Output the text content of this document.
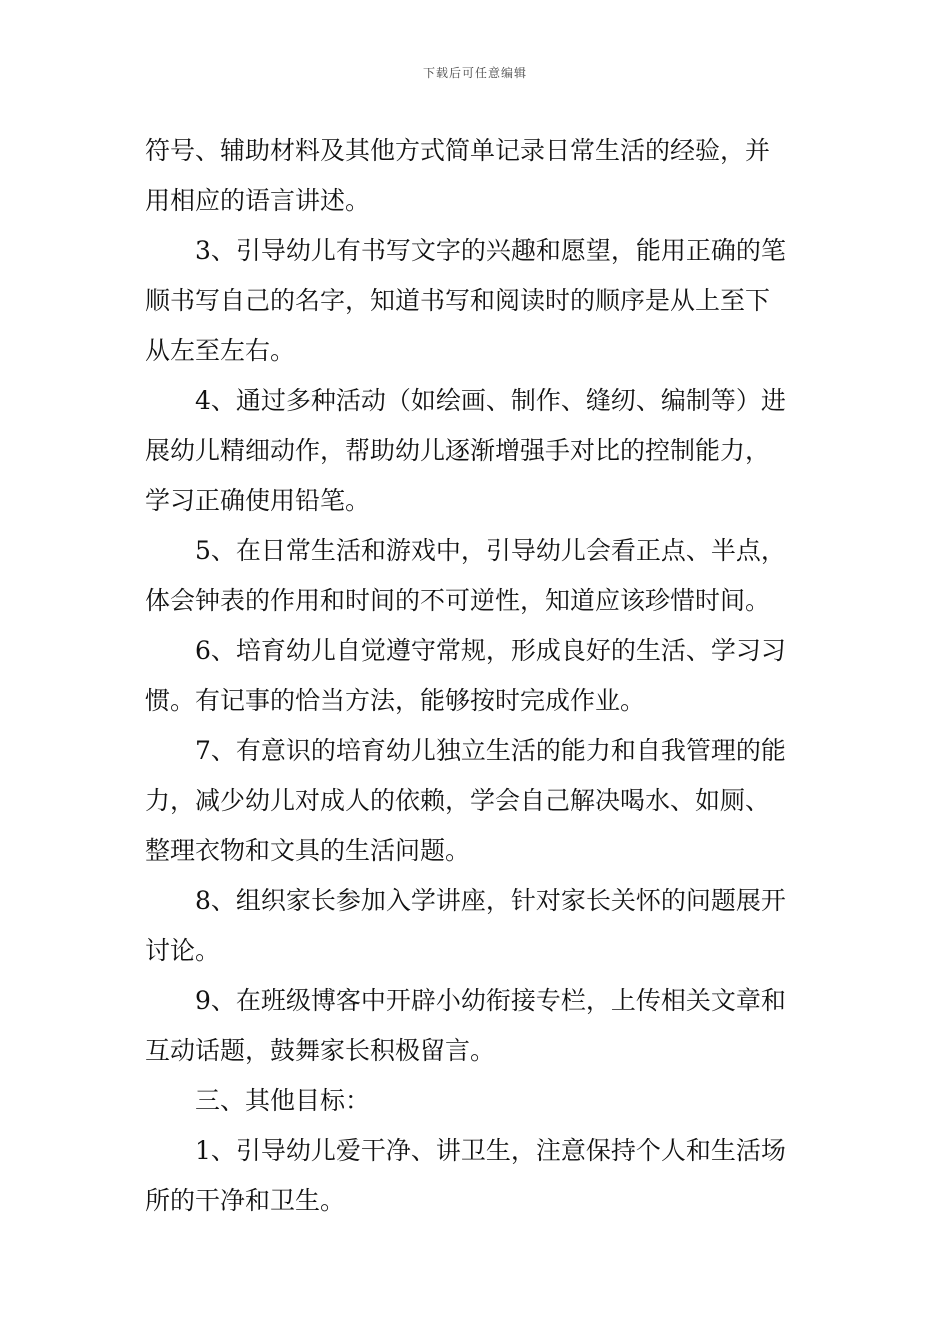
下载后可任意编辑
符号、辅助材料及其他方式简单记录日常生活的经验，并
用相应的语言讲述。
3、引导幼儿有书写文字的兴趣和愿望，能用正确的笔
顺书写自己的名字，知道书写和阅读时的顺序是从上至下
从左至左右。
4、通过多种活动（如绘画、制作、缝纫、编制等）进
展幼儿精细动作，帮助幼儿逐渐增强手对比的控制能力，
学习正确使用铅笔。
5、在日常生活和游戏中，引导幼儿会看正点、半点，
体会钟表的作用和时间的不可逆性，知道应该珍惜时间。
6、培育幼儿自觉遵守常规，形成良好的生活、学习习
惯。有记事的恰当方法，能够按时完成作业。
7、有意识的培育幼儿独立生活的能力和自我管理的能
力，减少幼儿对成人的依赖，学会自己解决喝水、如厕、
整理衣物和文具的生活问题。
8、组织家长参加入学讲座，针对家长关怀的问题展开
讨论。
9、在班级博客中开辟小幼衔接专栏，上传相关文章和
互动话题，鼓舞家长积极留言。
三、其他目标：
1、引导幼儿爱干净、讲卫生，注意保持个人和生活场
所的干净和卫生。
